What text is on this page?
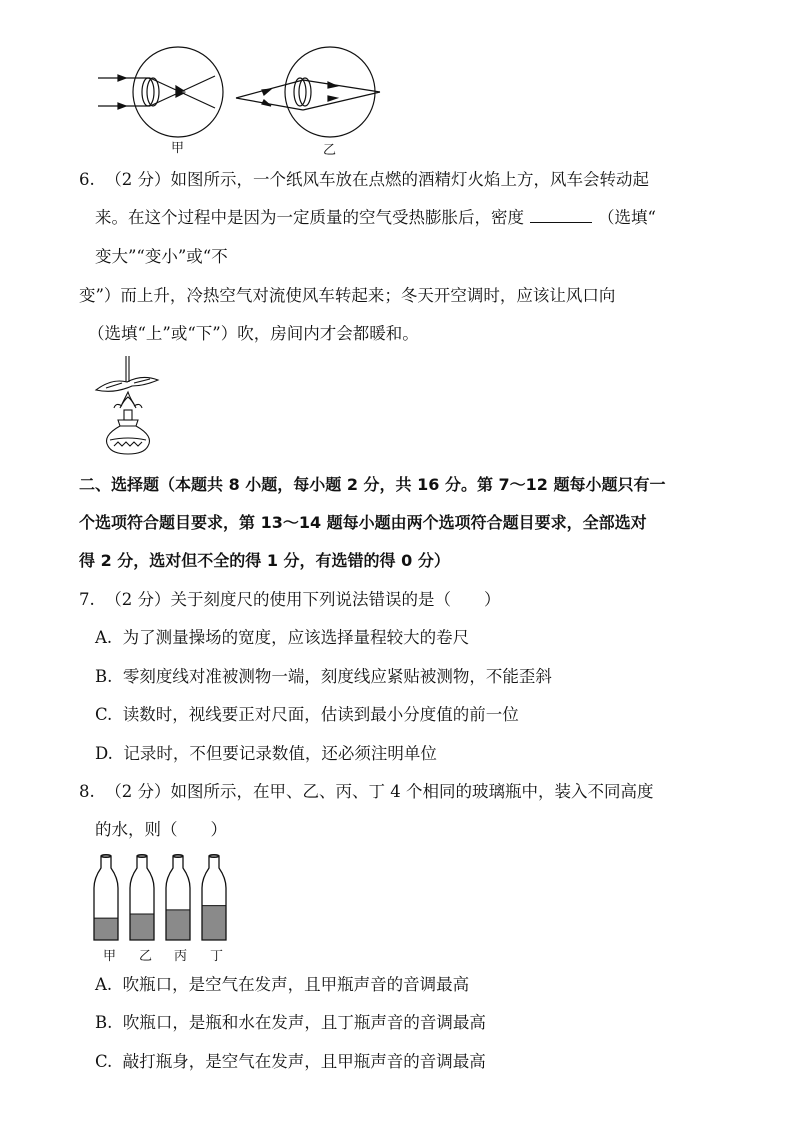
甲	乙
6.  （2 分）如图所示，一个纸风车放在点燃的酒精灯火焰上方，风车会转动起
来。在这个过程中是因为一定质量的空气受热膨胀后，密度	（选填“
变大”“变小”或“不
变”）而上升，冷热空气对流使风车转起来；冬天开空调时，应该让风口向
（选填“上”或“下”）吹，房间内才会都暖和。
二、选择题（本题共 8 小题，每小题 2 分，共 16 分。第 7～12 题每小题只有一
个选项符合题目要求，第 13～14 题每小题由两个选项符合题目要求，全部选对
得 2 分，选对但不全的得 1 分，有选错的得 0 分）
7.  （2 分）关于刻度尺的使用下列说法错误的是（　　）
A.  为了测量操场的宽度，应该选择量程较大的卷尺
B.  零刻度线对准被测物一端，刻度线应紧贴被测物，不能歪斜
C.  读数时，视线要正对尺面，估读到最小分度值的前一位
D.  记录时，不但要记录数值，还必须注明单位
8.  （2 分）如图所示，在甲、乙、丙、丁 4 个相同的玻璃瓶中，装入不同高度
的水，则（　　）
甲 乙 丙 丁
A.  吹瓶口，是空气在发声，且甲瓶声音的音调最高
B.  吹瓶口，是瓶和水在发声，且丁瓶声音的音调最高
C.  敲打瓶身，是空气在发声，且甲瓶声音的音调最高
